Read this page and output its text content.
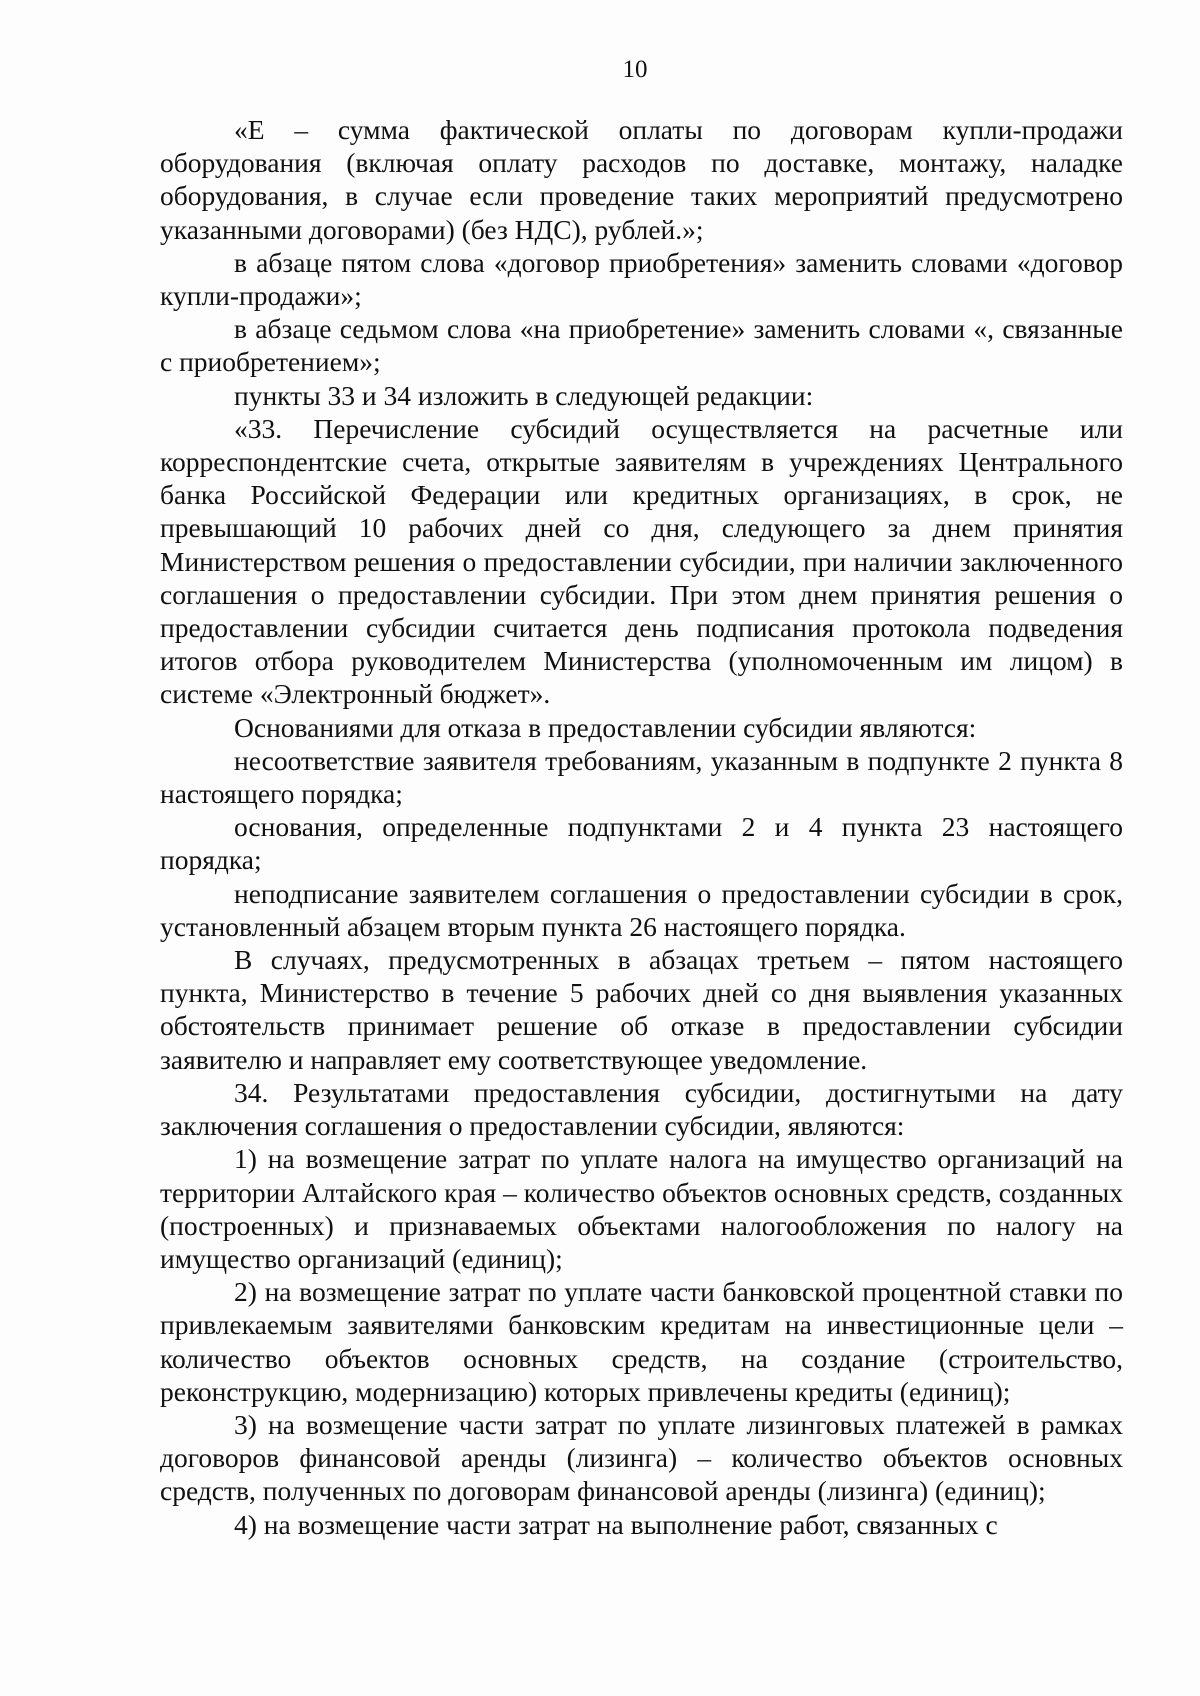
10

«E – сумма фактической оплаты по договорам купли-продажи оборудования (включая оплату расходов по доставке, монтажу, наладке оборудования, в случае если проведение таких мероприятий предусмотрено указанными договорами) (без НДС), рублей.»;

в абзаце пятом слова «договор приобретения» заменить словами «договор купли-продажи»;

в абзаце седьмом слова «на приобретение» заменить словами «, связанные с приобретением»;

пункты 33 и 34 изложить в следующей редакции:

«33. Перечисление субсидий осуществляется на расчетные или корреспондентские счета, открытые заявителям в учреждениях Центрального банка Российской Федерации или кредитных организациях, в срок, не превышающий 10 рабочих дней со дня, следующего за днем принятия Министерством решения о предоставлении субсидии, при наличии заключенного соглашения о предоставлении субсидии. При этом днем принятия решения о предоставлении субсидии считается день подписания протокола подведения итогов отбора руководителем Министерства (уполномоченным им лицом) в системе «Электронный бюджет».

Основаниями для отказа в предоставлении субсидии являются:

несоответствие заявителя требованиям, указанным в подпункте 2 пункта 8 настоящего порядка;

основания, определенные подпунктами 2 и 4 пункта 23 настоящего порядка;

неподписание заявителем соглашения о предоставлении субсидии в срок, установленный абзацем вторым пункта 26 настоящего порядка.

В случаях, предусмотренных в абзацах третьем – пятом настоящего пункта, Министерство в течение 5 рабочих дней со дня выявления указанных обстоятельств принимает решение об отказе в предоставлении субсидии заявителю и направляет ему соответствующее уведомление.

34. Результатами предоставления субсидии, достигнутыми на дату заключения соглашения о предоставлении субсидии, являются:

1) на возмещение затрат по уплате налога на имущество организаций на территории Алтайского края – количество объектов основных средств, созданных (построенных) и признаваемых объектами налогообложения по налогу на имущество организаций (единиц);

2) на возмещение затрат по уплате части банковской процентной ставки по привлекаемым заявителями банковским кредитам на инвестиционные цели – количество объектов основных средств, на создание (строительство, реконструкцию, модернизацию) которых привлечены кредиты (единиц);

3) на возмещение части затрат по уплате лизинговых платежей в рамках договоров финансовой аренды (лизинга) – количество объектов основных средств, полученных по договорам финансовой аренды (лизинга) (единиц);

4) на возмещение части затрат на выполнение работ, связанных с
